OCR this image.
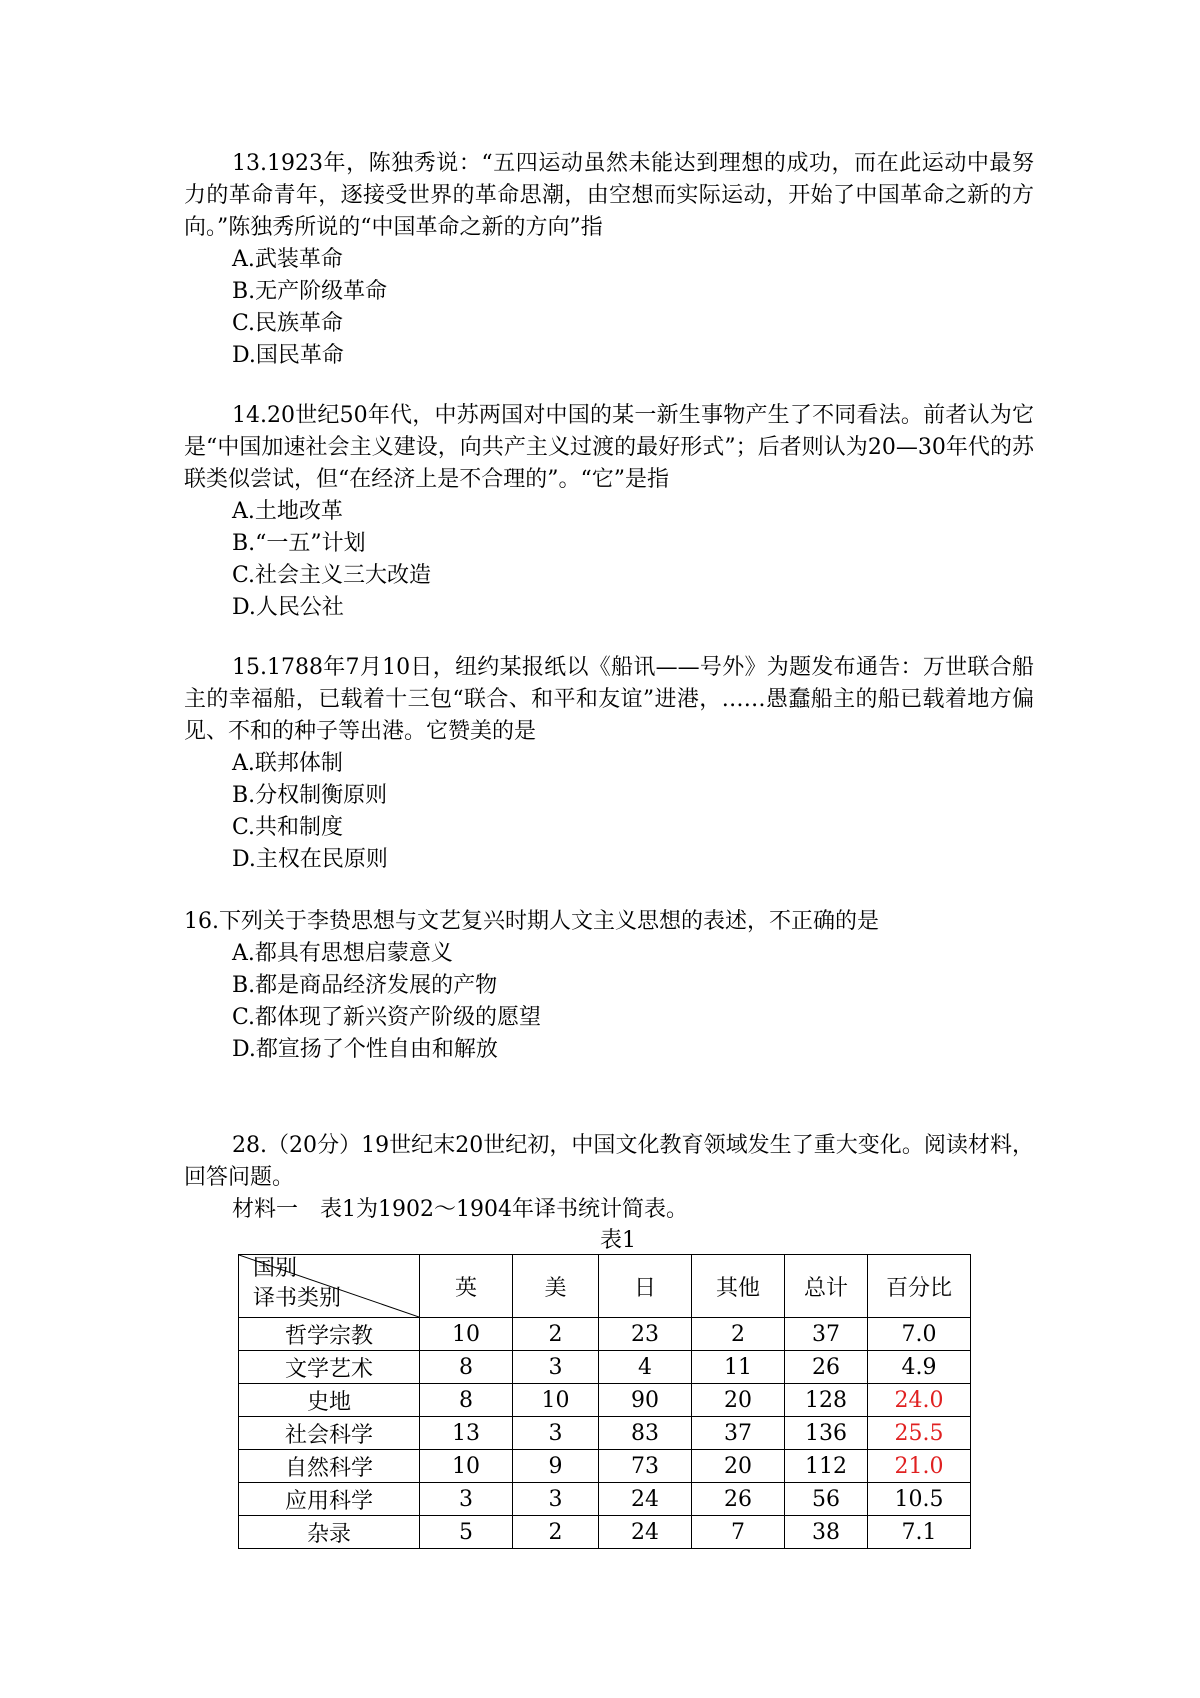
13.1923年，陈独秀说：“五四运动虽然未能达到理想的成功，而在此运动中最努力的革命青年，逐接受世界的革命思潮，由空想而实际运动，开始了中国革命之新的方向。”陈独秀所说的“中国革命之新的方向”指

A.武装革命

B.无产阶级革命

C.民族革命

D.国民革命

14.20世纪50年代，中苏两国对中国的某一新生事物产生了不同看法。前者认为它是“中国加速社会主义建设，向共产主义过渡的最好形式”；后者则认为20—30年代的苏联类似尝试，但“在经济上是不合理的”。“它”是指

A.土地改革

B.“一五”计划

C.社会主义三大改造

D.人民公社

15.1788年7月10日，纽约某报纸以《船讯——号外》为题发布通告：万世联合船主的幸福船，已载着十三包“联合、和平和友谊”进港，……愚蠢船主的船已载着地方偏见、不和的种子等出港。它赞美的是

A.联邦体制

B.分权制衡原则

C.共和制度

D.主权在民原则

16.下列关于李贽思想与文艺复兴时期人文主义思想的表述，不正确的是

A.都具有思想启蒙意义

B.都是商品经济发展的产物

C.都体现了新兴资产阶级的愿望

D.都宣扬了个性自由和解放

28.（20分）19世纪末20世纪初，中国文化教育领域发生了重大变化。阅读材料，回答问题。

材料一　表1为1902～1904年译书统计简表。

表1
国别
译书类别	英	美	日	其他	总计	百分比
哲学宗教	10	2	23	2	37	7.0
文学艺术	8	3	4	11	26	4.9
史地	8	10	90	20	128	24.0
社会科学	13	3	83	37	136	25.5
自然科学	10	9	73	20	112	21.0
应用科学	3	3	24	26	56	10.5
杂录	5	2	24	7	38	7.1
